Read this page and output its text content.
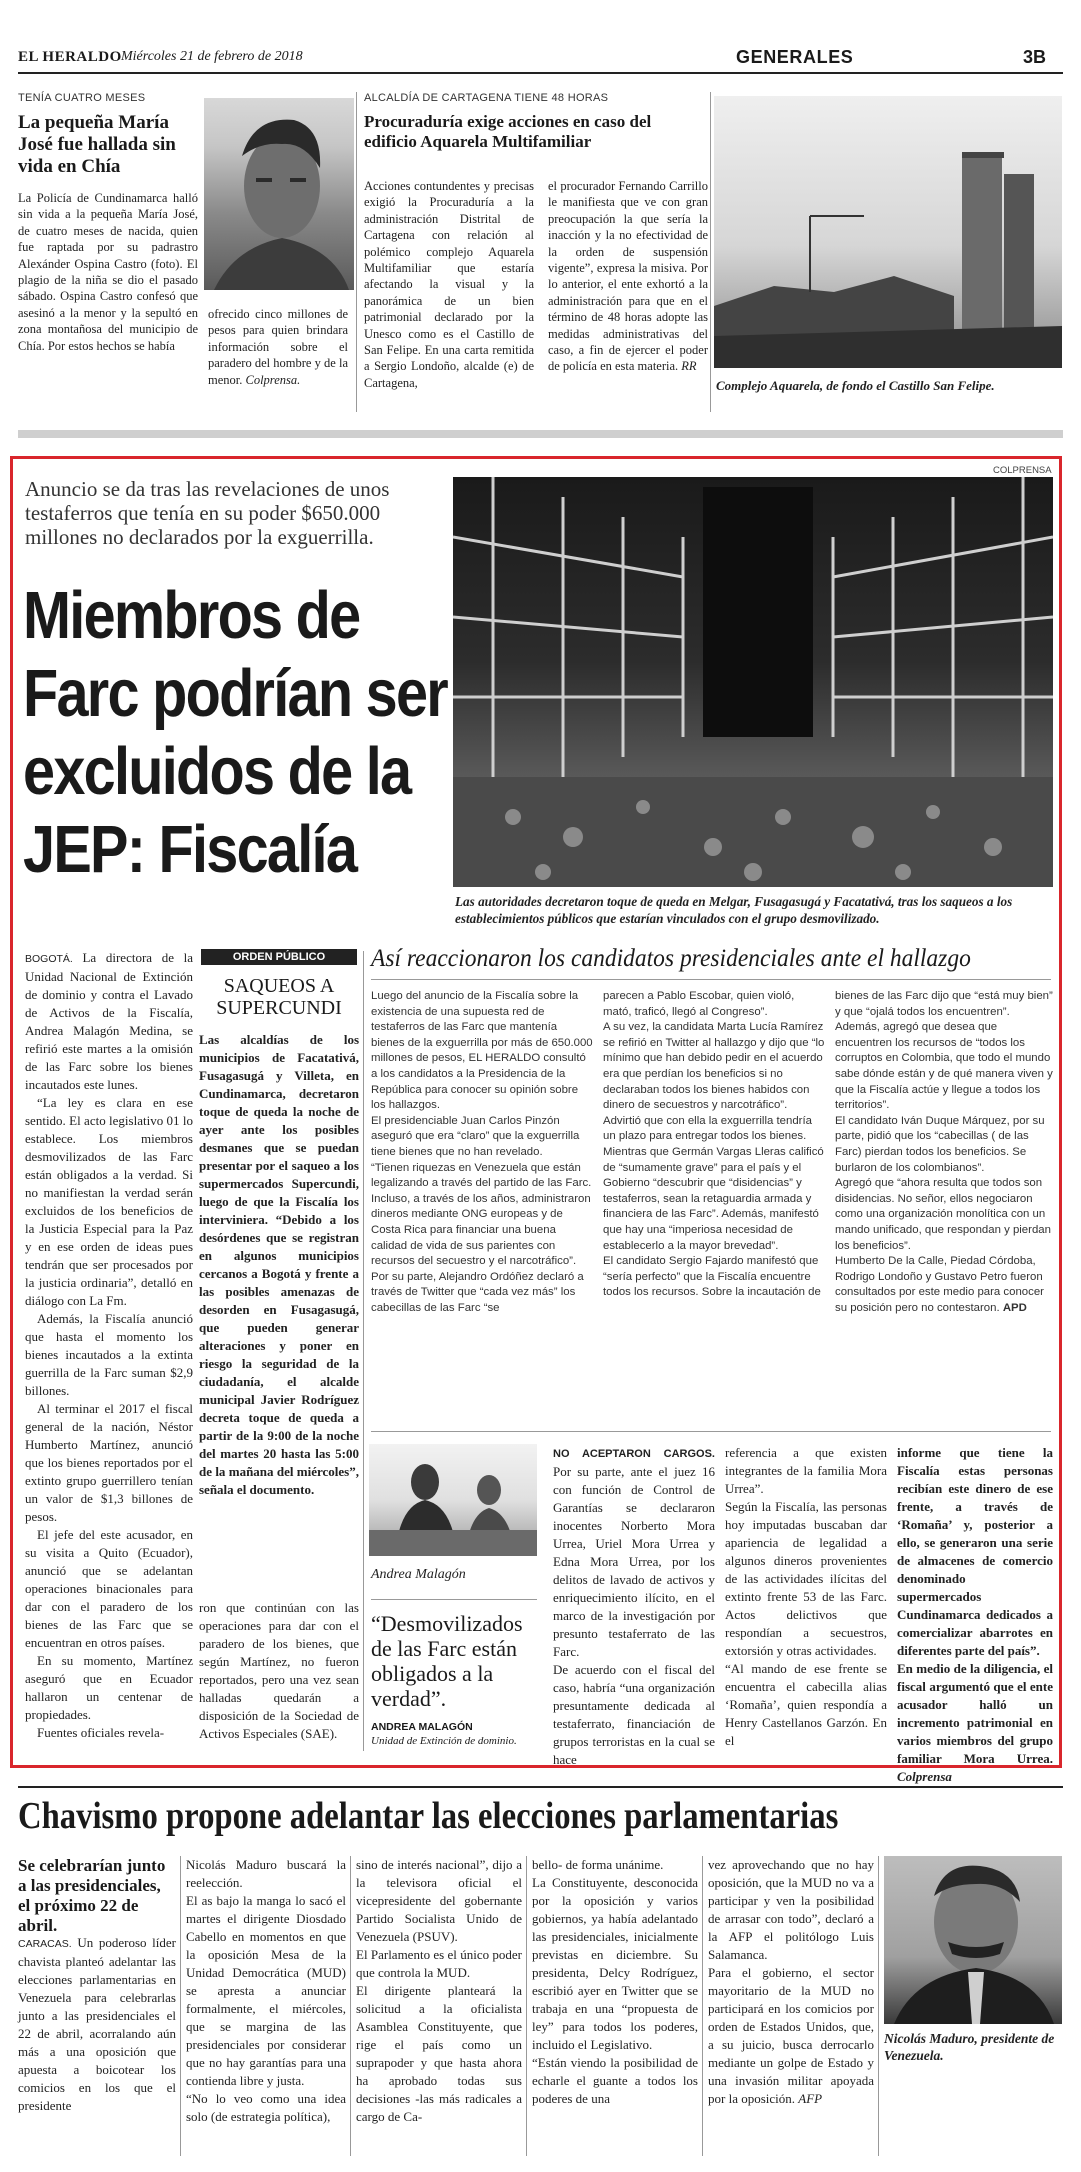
EL HERALDO Miércoles 21 de febrero de 2018	GENERALES	3B
TENÍA CUATRO MESES
La pequeña María José fue hallada sin vida en Chía
La Policía de Cundinamarca halló sin vida a la pequeña María José, de cuatro meses de nacida, quien fue raptada por su padrastro Alexánder Ospina Castro (foto). El plagio de la niña se dio el pasado sábado. Ospina Castro confesó que asesinó a la menor y la sepultó en zona montañosa del municipio de Chía. Por estos hechos se había
ofrecido cinco millones de pesos para quien brindara información sobre el paradero del hombre y de la menor. Colprensa.
ALCALDÍA DE CARTAGENA TIENE 48 HORAS
Procuraduría exige acciones en caso del edificio Aquarela Multifamiliar
Acciones contundentes y precisas exigió la Procuraduría a la administración Distrital de Cartagena con relación al polémico complejo Aquarela Multifamiliar que estaría afectando la visual y la panorámica de un bien patrimonial declarado por la Unesco como es el Castillo de San Felipe. En una carta remitida a Sergio Londoño, alcalde (e) de Cartagena,
el procurador Fernando Carrillo le manifiesta que ve con gran preocupación la que sería la inacción y la no efectividad de la orden de suspensión vigente”, expresa la misiva. Por lo anterior, el ente exhortó a la administración para que en el término de 48 horas adopte las medidas administrativas del caso, a fin de ejercer el poder de policía en esta materia. RR
Complejo Aquarela, de fondo el Castillo San Felipe.
COLPRENSA
Anuncio se da tras las revelaciones de unos testaferros que tenía en su poder $650.000 millones no declarados por la exguerrilla.
Miembros de Farc podrían ser excluidos de la JEP: Fiscalía
Las autoridades decretaron toque de queda en Melgar, Fusagasugá y Facatativá, tras los saqueos a los establecimientos públicos que estarían vinculados con el grupo desmovilizado.

BOGOTÁ. La directora de la Unidad Nacional de Extinción de dominio y contra el Lavado de Activos de la Fiscalía, Andrea Malagón Medina, se refirió este martes a la omisión de las Farc sobre los bienes incautados este lunes.

“La ley es clara en ese sentido. El acto legislativo 01 lo establece. Los miembros desmovilizados de las Farc están obligados a la verdad. Si no manifiestan la verdad serán excluidos de los beneficios de la Justicia Especial para la Paz y en ese orden de ideas pues tendrán que ser procesados por la justicia ordinaria”, detalló en diálogo con La Fm.

Además, la Fiscalía anunció que hasta el momento los bienes incautados a la extinta guerrilla de la Farc suman $2,9 billones.

Al terminar el 2017 el fiscal general de la nación, Néstor Humberto Martínez, anunció que los bienes reportados por el extinto grupo guerrillero tenían un valor de $1,3 billones de pesos.

El jefe del este acusador, en su visita a Quito (Ecuador), anunció que se adelantan operaciones binacionales para dar con el paradero de los bienes de las Farc que se encuentran en otros países.

En su momento, Martínez aseguró que en Ecuador hallaron un centenar de propiedades.

Fuentes oficiales revela-

ORDEN PÚBLICO
SAQUEOS A SUPERCUNDI
Las alcaldías de los municipios de Facatativá, Fusagasugá y Villeta, en Cundinamarca, decretaron toque de queda la noche de ayer ante los posibles desmanes que se puedan presentar por el saqueo a los supermercados Supercundi, luego de que la Fiscalía los interviniera. “Debido a los desórdenes que se registran en algunos municipios cercanos a Bogotá y frente a las posibles amenazas de desorden en Fusagasugá, que pueden generar alteraciones y poner en riesgo la seguridad de la ciudadanía, el alcalde municipal Javier Rodríguez decreta toque de queda a partir de la 9:00 de la noche del martes 20 hasta las 5:00 de la mañana del miércoles”, señala el documento.
ron que continúan con las operaciones para dar con el paradero de los bienes, que según Martínez, no fueron reportados, pero una vez sean halladas quedarán a disposición de la Sociedad de Activos Especiales (SAE).
Así reaccionaron los candidatos presidenciales ante el hallazgo
Luego del anuncio de la Fiscalía sobre la existencia de una supuesta red de testaferros de las Farc que mantenía bienes de la exguerrilla por más de 650.000 millones de pesos, EL HERALDO consultó a los candidatos a la Presidencia de la República para conocer su opinión sobre los hallazgos.
El presidenciable Juan Carlos Pinzón aseguró que era “claro” que la exguerrilla tiene bienes que no han revelado.
“Tienen riquezas en Venezuela que están legalizando a través del partido de las Farc. Incluso, a través de los años, administraron dineros mediante ONG europeas y de Costa Rica para financiar una buena calidad de vida de sus parientes con recursos del secuestro y el narcotráfico”.
Por su parte, Alejandro Ordóñez declaró a través de Twitter que “cada vez más” los cabecillas de las Farc “se
parecen a Pablo Escobar, quien violó, mató, traficó, llegó al Congreso”.
A su vez, la candidata Marta Lucía Ramírez se refirió en Twitter al hallazgo y dijo que “lo mínimo que han debido pedir en el acuerdo era que perdían los beneficios si no declaraban todos los bienes habidos con dinero de secuestros y narcotráfico”. Advirtió que con ella la exguerrilla tendría un plazo para entregar todos los bienes.
Mientras que Germán Vargas Lleras calificó de “sumamente grave” para el país y el Gobierno “descubrir que “disidencias” y testaferros, sean la retaguardia armada y financiera de las Farc”. Además, manifestó que hay una “imperiosa necesidad de establecerlo a la mayor brevedad”.
El candidato Sergio Fajardo manifestó que “sería perfecto” que la Fiscalía encuentre todos los recursos. Sobre la incautación de
bienes de las Farc dijo que “está muy bien” y que “ojalá todos los encuentren”. Además, agregó que desea que encuentren los recursos de “todos los corruptos en Colombia, que todo el mundo sabe dónde están y de qué manera viven y que la Fiscalía actúe y llegue a todos los territorios”.
El candidato Iván Duque Márquez, por su parte, pidió que los “cabecillas ( de las Farc) pierdan todos los beneficios. Se burlaron de los colombianos”.
Agregó que “ahora resulta que todos son disidencias. No señor, ellos negociaron como una organización monolítica con un mando unificado, que respondan y pierdan los beneficios”.
Humberto De la Calle, Piedad Córdoba, Rodrigo Londoño y Gustavo Petro fueron consultados por este medio para conocer su posición pero no contestaron. APD
Andrea Malagón
“Desmovilizados de las Farc están obligados a la verdad”.
ANDREA MALAGÓN
Unidad de Extinción de dominio.
NO ACEPTARON CARGOS. Por su parte, ante el juez 16 con función de Control de Garantías se declararon inocentes Norberto Mora Urrea, Uriel Mora Urrea y Edna Mora Urrea, por los delitos de lavado de activos y enriquecimiento ilícito, en el marco de la investigación por presunto testaferrato de las Farc.
De acuerdo con el fiscal del caso, habría “una organización presuntamente dedicada al testaferrato, financiación de grupos terroristas en la cual se hace
referencia a que existen integrantes de la familia Mora Urrea”.
Según la Fiscalía, las personas hoy imputadas buscaban dar apariencia de legalidad a algunos dineros provenientes de las actividades ilícitas del extinto frente 53 de las Farc. Actos delictivos que respondían a secuestros, extorsión y otras actividades.
“Al mando de ese frente se encuentra el cabecilla alias ‘Romaña’, quien respondía a Henry Castellanos Garzón. En el
informe que tiene la Fiscalía estas personas recibían este dinero de ese frente, a través de ‘Romaña’ y, posterior a ello, se generaron una serie de almacenes de comercio denominado supermercados Cundinamarca dedicados a comercializar abarrotes en diferentes parte del país”.
En medio de la diligencia, el fiscal argumentó que el ente acusador halló un incremento patrimonial en varios miembros del grupo familiar Mora Urrea. Colprensa
Chavismo propone adelantar las elecciones parlamentarias
Se celebrarían junto a las presidenciales, el próximo 22 de abril.

CARACAS. Un poderoso líder chavista planteó adelantar las elecciones parlamentarias en Venezuela para celebrarlas junto a las presidenciales el 22 de abril, acorralando aún más a una oposición que apuesta a boicotear los comicios en los que el presidente

Nicolás Maduro buscará la reelección.
El as bajo la manga lo sacó el martes el dirigente Diosdado Cabello en momentos en que la oposición Mesa de la Unidad Democrática (MUD) se apresta a anunciar formalmente, el miércoles, que se margina de las presidenciales por considerar que no hay garantías para una contienda libre y justa.
“No lo veo como una idea solo (de estrategia política),
sino de interés nacional”, dijo a la televisora oficial el vicepresidente del gobernante Partido Socialista Unido de Venezuela (PSUV).
El Parlamento es el único poder que controla la MUD.
El dirigente planteará la solicitud a la oficialista Asamblea Constituyente, que rige el país como un suprapoder y que hasta ahora ha aprobado todas sus decisiones -las más radicales a cargo de Ca-
bello- de forma unánime.
La Constituyente, desconocida por la oposición y varios gobiernos, ya había adelantado las presidenciales, inicialmente previstas en diciembre. Su presidenta, Delcy Rodríguez, escribió ayer en Twitter que se trabaja en una “propuesta de ley” para todos los poderes, incluido el Legislativo.
“Están viendo la posibilidad de echarle el guante a todos los poderes de una
vez aprovechando que no hay oposición, que la MUD no va a participar y ven la posibilidad de arrasar con todo”, declaró a la AFP el politólogo Luis Salamanca.
Para el gobierno, el sector mayoritario de la MUD no participará en los comicios por orden de Estados Unidos, que, a su juicio, busca derrocarlo mediante un golpe de Estado y una invasión militar apoyada por la oposición. AFP
Nicolás Maduro, presidente de Venezuela.
